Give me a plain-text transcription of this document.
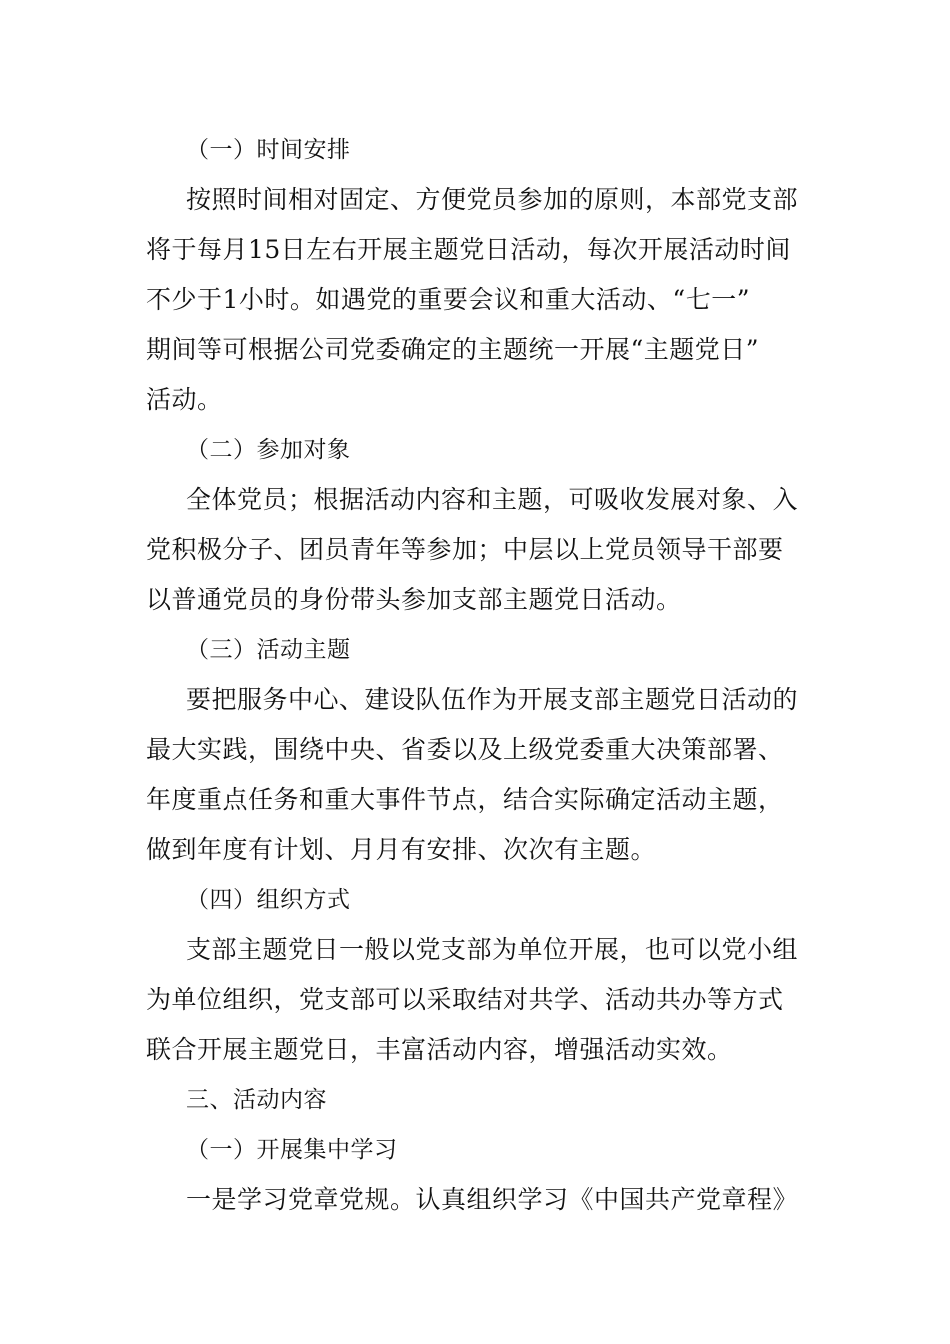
（一）时间安排
按照时间相对固定、方便党员参加的原则，本部党支部
将于每月15日左右开展主题党日活动，每次开展活动时间
不少于1小时。如遇党的重要会议和重大活动、“七一”
期间等可根据公司党委确定的主题统一开展“主题党日”
活动。
（二）参加对象
全体党员；根据活动内容和主题，可吸收发展对象、入
党积极分子、团员青年等参加；中层以上党员领导干部要
以普通党员的身份带头参加支部主题党日活动。
（三）活动主题
要把服务中心、建设队伍作为开展支部主题党日活动的
最大实践，围绕中央、省委以及上级党委重大决策部署、
年度重点任务和重大事件节点，结合实际确定活动主题，
做到年度有计划、月月有安排、次次有主题。
（四）组织方式
支部主题党日一般以党支部为单位开展，也可以党小组
为单位组织，党支部可以采取结对共学、活动共办等方式
联合开展主题党日，丰富活动内容，增强活动实效。
三、活动内容
（一）开展集中学习
一是学习党章党规。认真组织学习《中国共产党章程》
